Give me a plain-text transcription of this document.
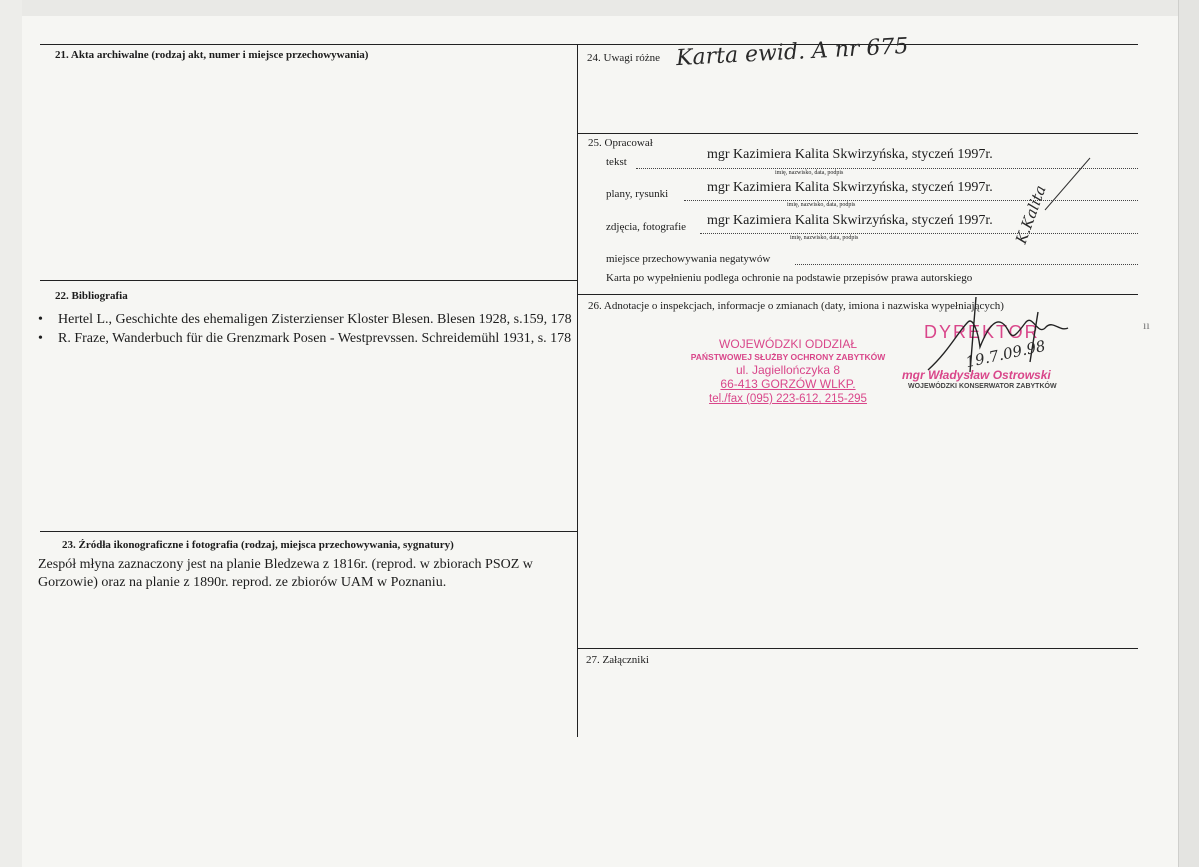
21. Akta archiwalne (rodzaj akt, numer i miejsce przechowywania)
22. Bibliografia
• Hertel L., Geschichte des ehemaligen Zisterzienser Kloster Blesen. Blesen 1928, s.159, 178
• R. Fraze, Wanderbuch für die Grenzmark Posen - Westprevssen. Schreidemühl 1931, s. 178
23. Źródła ikonograficzne i fotografia (rodzaj, miejsca przechowywania, sygnatury)
Zespół młyna zaznaczony jest na planie Bledzewa z 1816r. (reprod. w zbiorach PSOZ w
Gorzowie) oraz na planie z 1890r. reprod. ze zbiorów UAM w Poznaniu.
24. Uwagi różne Karta ewid. A nr 675
25. Opracował
tekst	mgr Kazimiera Kalita Skwirzyńska, styczeń 1997r.
imię, nazwisko, data, podpis
plany, rysunki	mgr Kazimiera Kalita Skwirzyńska, styczeń 1997r.
imię, nazwisko, data, podpis
zdjęcia, fotografie mgr Kazimiera Kalita Skwirzyńska, styczeń 1997r.
imię, nazwisko, data, podpis
miejsce przechowywania negatywów
Karta po wypełnieniu podlega ochronie na podstawie przepisów prawa autorskiego
K.Kalita
26. Adnotacje o inspekcjach, informacje o zmianach (daty, imiona i nazwiska wypełniających)
WOJEWÓDZKI ODDZIAŁ
PAŃSTWOWEJ SŁUŻBY OCHRONY ZABYTKÓW
ul. Jagiellończyka 8
66-413 GORZÓW WLKP.
tel./fax (095) 223-612, 215-295
DYREKTOR
mgr Władysław Ostrowski
WOJEWÓDZKI KONSERWATOR ZABYTKÓW
19.7.09.98
ıı
27. Załączniki
